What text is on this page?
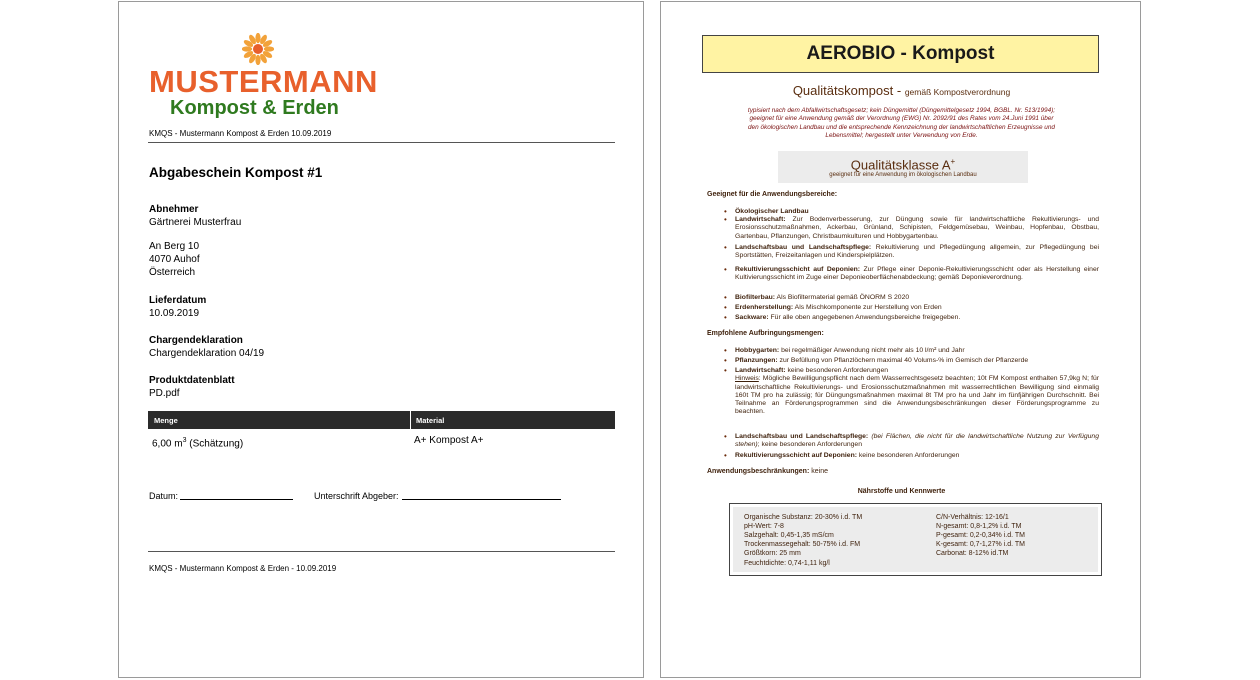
MUSTERMANN
Kompost & Erden
KMQS - Mustermann Kompost & Erden 10.09.2019
Abgabeschein Kompost #1
Abnehmer
Gärtnerei Musterfrau
An Berg 10
4070 Auhof
Österreich
Lieferdatum
10.09.2019
Chargendeklaration
Chargendeklaration 04/19
Produktdatenblatt
PD.pdf
Menge	Material
6,00 $m^3$ (Schätzung)	A+ Kompost A+
Datum:	Unterschrift Abgeber:
KMQS - Mustermann Kompost & Erden - 10.09.2019
AEROBIO - Kompost
Qualitätskompost - gemäß Kompostverordnung
typisiert nach dem Abfallwirtschaftsgesetz; kein Düngemittel (Düngemittelgesetz 1994, BGBL. Nr. 513/1994);
geeignet für eine Anwendung gemäß der Verordnung (EWG) Nr. 2092/91 des Rates vom 24.Juni 1991 über
den ökologischen Landbau und die entsprechende Kennzeichnung der landwirtschaftlichen Erzeugnisse und
Lebensmittel; hergestellt unter Verwendung von Erde.
Qualitätsklasse A+
geeignet für eine Anwendung im ökologischen Landbau
Geeignet für die Anwendungsbereiche:
•	Ökologischer Landbau
•	Landwirtschaft: Zur Bodenverbesserung, zur Düngung sowie für landwirtschaftliche Rekultivierungs- und Erosionsschutzmaßnahmen, Ackerbau, Grünland, Schipisten, Feldgemüsebau, Weinbau, Hopfenbau, Obstbau, Gartenbau, Pflanzungen, Christbaumkulturen und Hobbygartenbau.
•	Landschaftsbau und Landschaftspflege: Rekultivierung und Pflegedüngung allgemein, zur Pflegedüngung bei Sportstätten, Freizeitanlagen und Kinderspielplätzen.
•	Rekultivierungsschicht auf Deponien: Zur Pflege einer Deponie-Rekultivierungsschicht oder als Herstellung einer Kultivierungsschicht im Zuge einer Deponieoberflächenabdeckung; gemäß Deponieverordnung.
•	Biofilterbau: Als Biofiltermaterial gemäß ÖNORM S 2020
•	Erdenherstellung: Als Mischkomponente zur Herstellung von Erden
•	Sackware: Für alle oben angegebenen Anwendungsbereiche freigegeben.
Empfohlene Aufbringungsmengen:
•	Hobbygarten: bei regelmäßiger Anwendung nicht mehr als 10 l/m² und Jahr
•	Pflanzungen: zur Befüllung von Pflanzlöchern maximal 40 Volums-% im Gemisch der Pflanzerde
•	Landwirtschaft: keine besonderen Anforderungen
Hinweis: Mögliche Bewilligungspflicht nach dem Wasserrechtsgesetz beachten; 10t FM Kompost enthalten 57,9kg N; für landwirtschaftliche Rekultivierungs- und Erosionsschutzmaßnahmen mit wasserrechtlichen Bewilligung sind einmalig 160t TM pro ha zulässig; für Düngungsmaßnahmen maximal 8t TM pro ha und Jahr im fünfjährigen Durchschnitt. Bei Teilnahme an Förderungsprogrammen sind die Anwendungsbeschränkungen dieser Förderungsprogramme zu beachten.
•	Landschaftsbau und Landschaftspflege: (bei Flächen, die nicht für die landwirtschaftliche Nutzung zur Verfügung stehen); keine besonderen Anforderungen
•	Rekultivierungsschicht auf Deponien: keine besonderen Anforderungen
Anwendungsbeschränkungen: keine
Nährstoffe und Kennwerte
Organische Substanz: 20-30% i.d. TM
pH-Wert: 7-8
Salzgehalt: 0,45-1,35 mS/cm
Trockenmassegehalt: 50-75% i.d. FM
Größtkorn: 25 mm
Feuchtdichte: 0,74-1,11 kg/l
C/N-Verhältnis: 12-16/1
N-gesamt: 0,8-1,2% i.d. TM
P-gesamt: 0,2-0,34% i.d. TM
K-gesamt: 0,7-1,27% i.d. TM
Carbonat: 8-12% id.TM
